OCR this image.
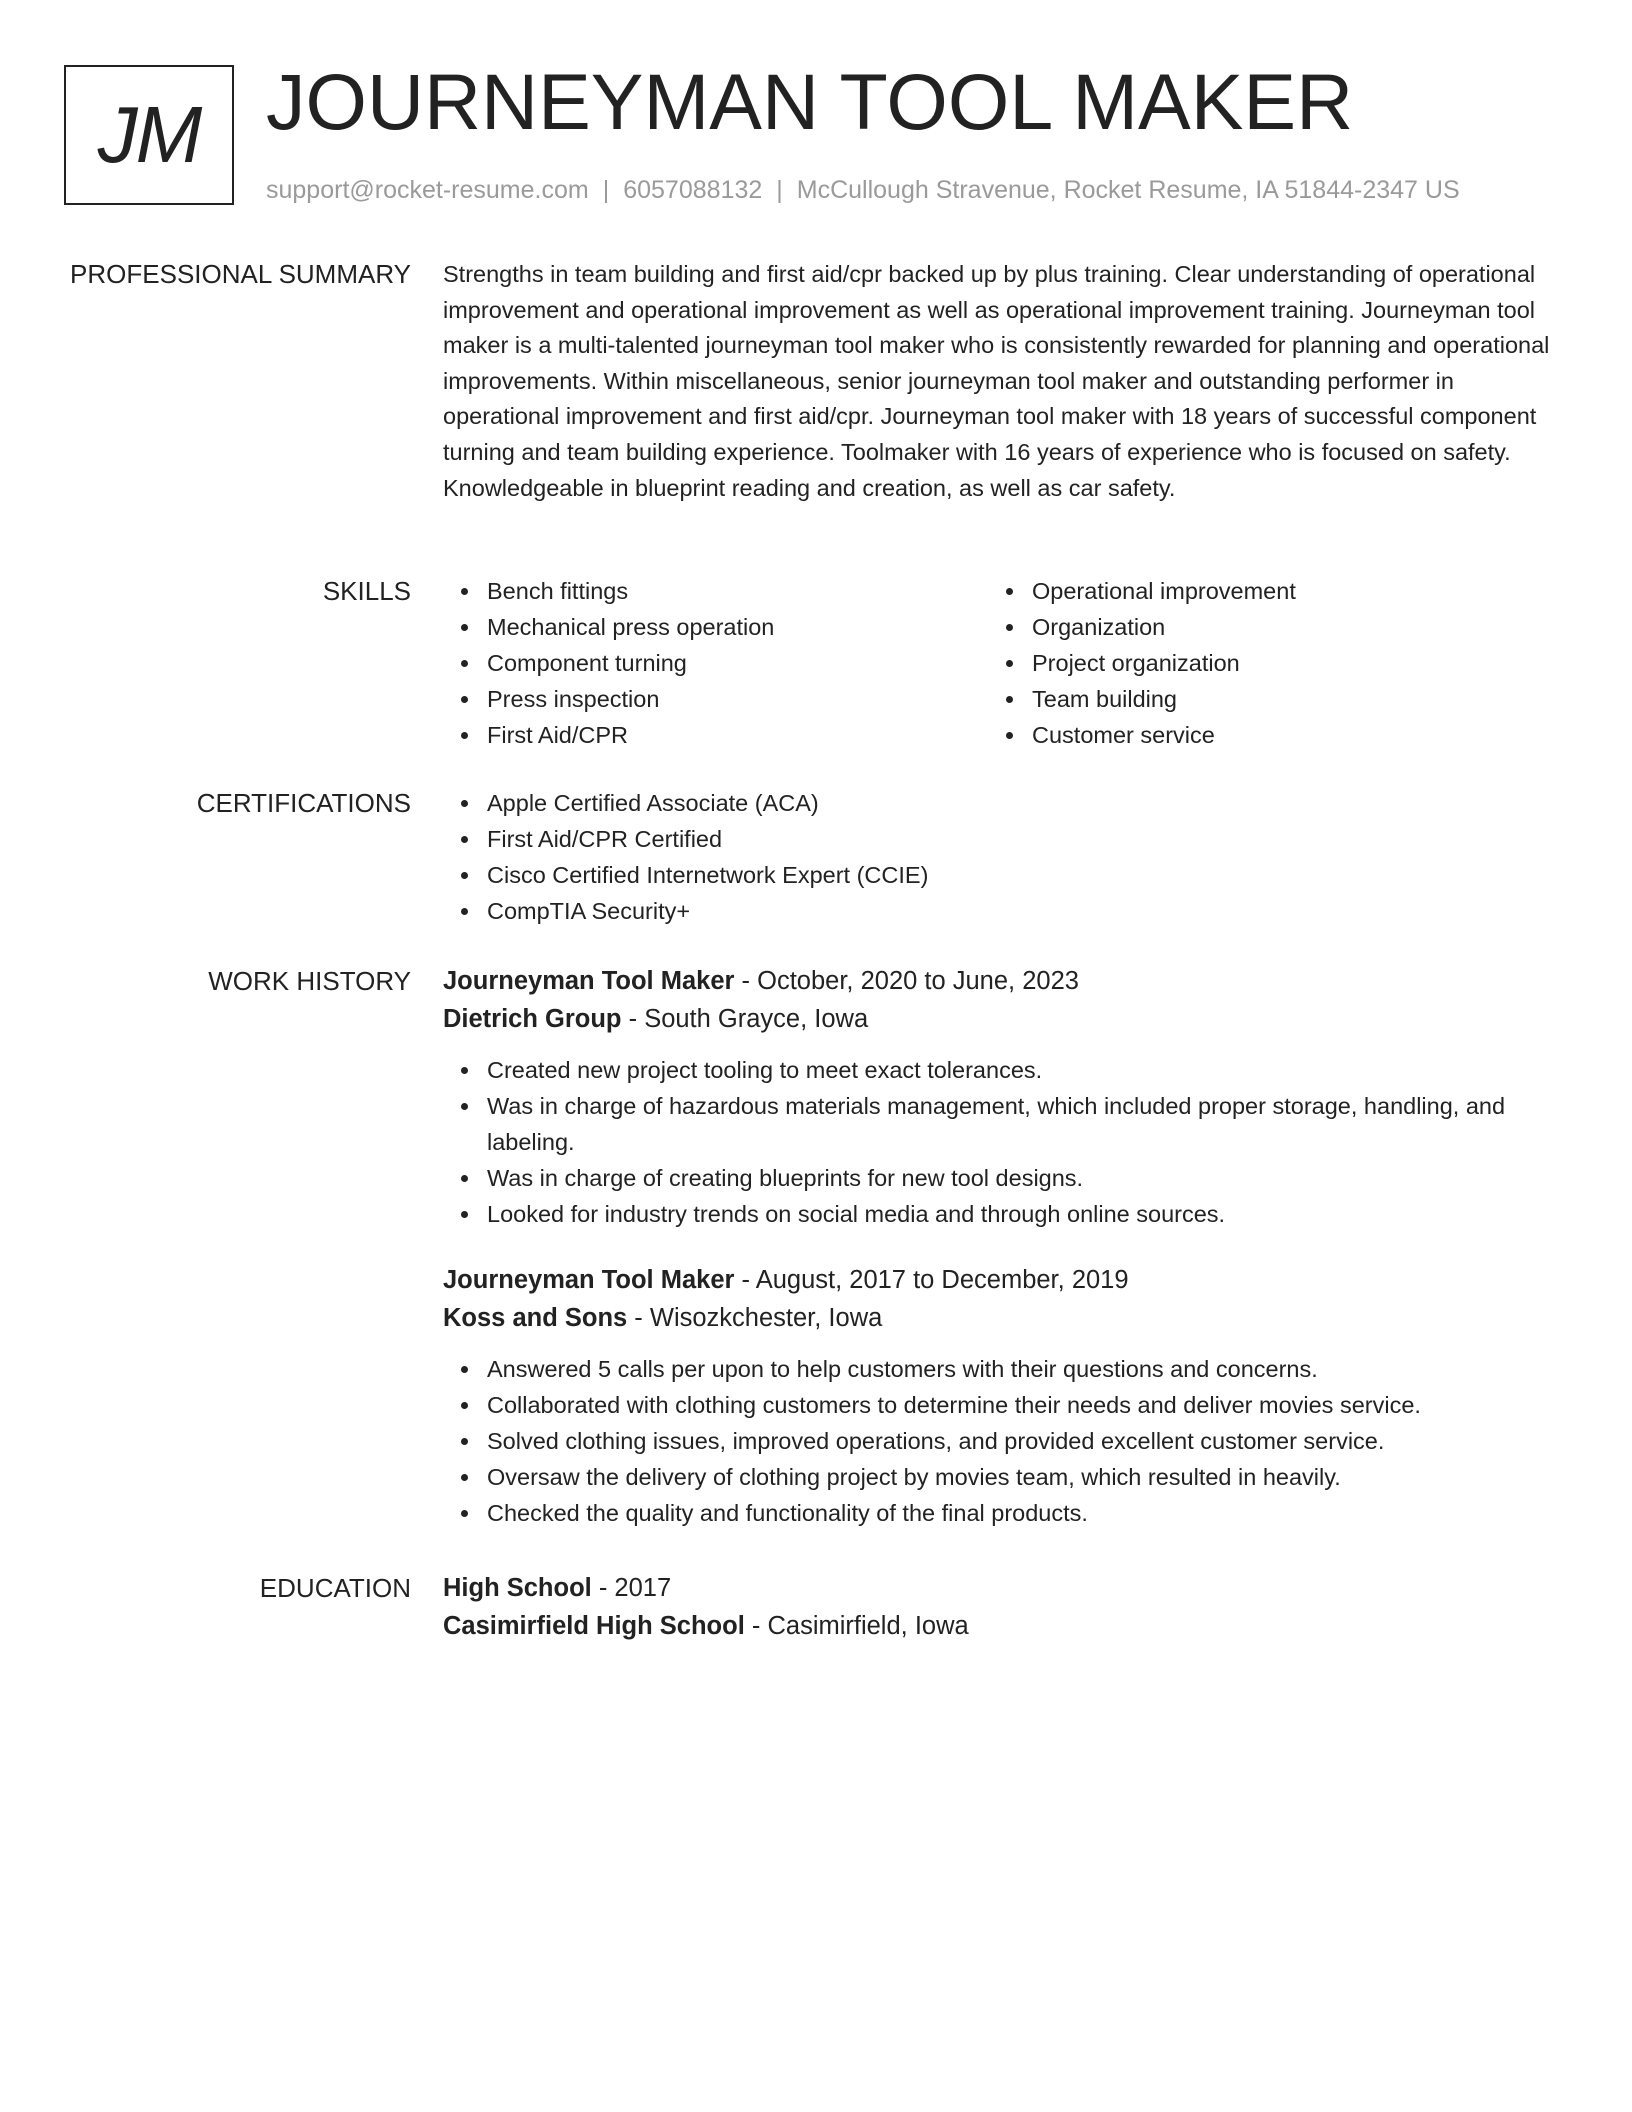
JM JOURNEYMAN TOOL MAKER
support@rocket-resume.com | 6057088132 | McCullough Stravenue, Rocket Resume, IA 51844-2347 US
PROFESSIONAL SUMMARY Strengths in team building and first aid/cpr backed up by plus training. Clear understanding of operational improvement and operational improvement as well as operational improvement training. Journeyman tool maker is a multi-talented journeyman tool maker who is consistently rewarded for planning and operational improvements. Within miscellaneous, senior journeyman tool maker and outstanding performer in operational improvement and first aid/cpr. Journeyman tool maker with 18 years of successful component turning and team building experience. Toolmaker with 16 years of experience who is focused on safety. Knowledgeable in blueprint reading and creation, as well as car safety.

SKILLS	Bench fittings
Mechanical press operation
Component turning
Press inspection
First Aid/CPR
Operational improvement
Organization
Project organization
Team building
Customer service
CERTIFICATIONS	Apple Certified Associate (ACA)
First Aid/CPR Certified
Cisco Certified Internetwork Expert (CCIE)
CompTIA Security+
WORK HISTORY Journeyman Tool Maker - October, 2020 to June, 2023
Dietrich Group - South Grayce, Iowa
Created new project tooling to meet exact tolerances.
Was in charge of hazardous materials management, which included proper storage, handling, and labeling.
Was in charge of creating blueprints for new tool designs.
Looked for industry trends on social media and through online sources.
Journeyman Tool Maker - August, 2017 to December, 2019
Koss and Sons - Wisozkchester, Iowa
Answered 5 calls per upon to help customers with their questions and concerns.
Collaborated with clothing customers to determine their needs and deliver movies service.
Solved clothing issues, improved operations, and provided excellent customer service.
Oversaw the delivery of clothing project by movies team, which resulted in heavily.
Checked the quality and functionality of the final products.
EDUCATION High School - 2017
Casimirfield High School - Casimirfield, Iowa
